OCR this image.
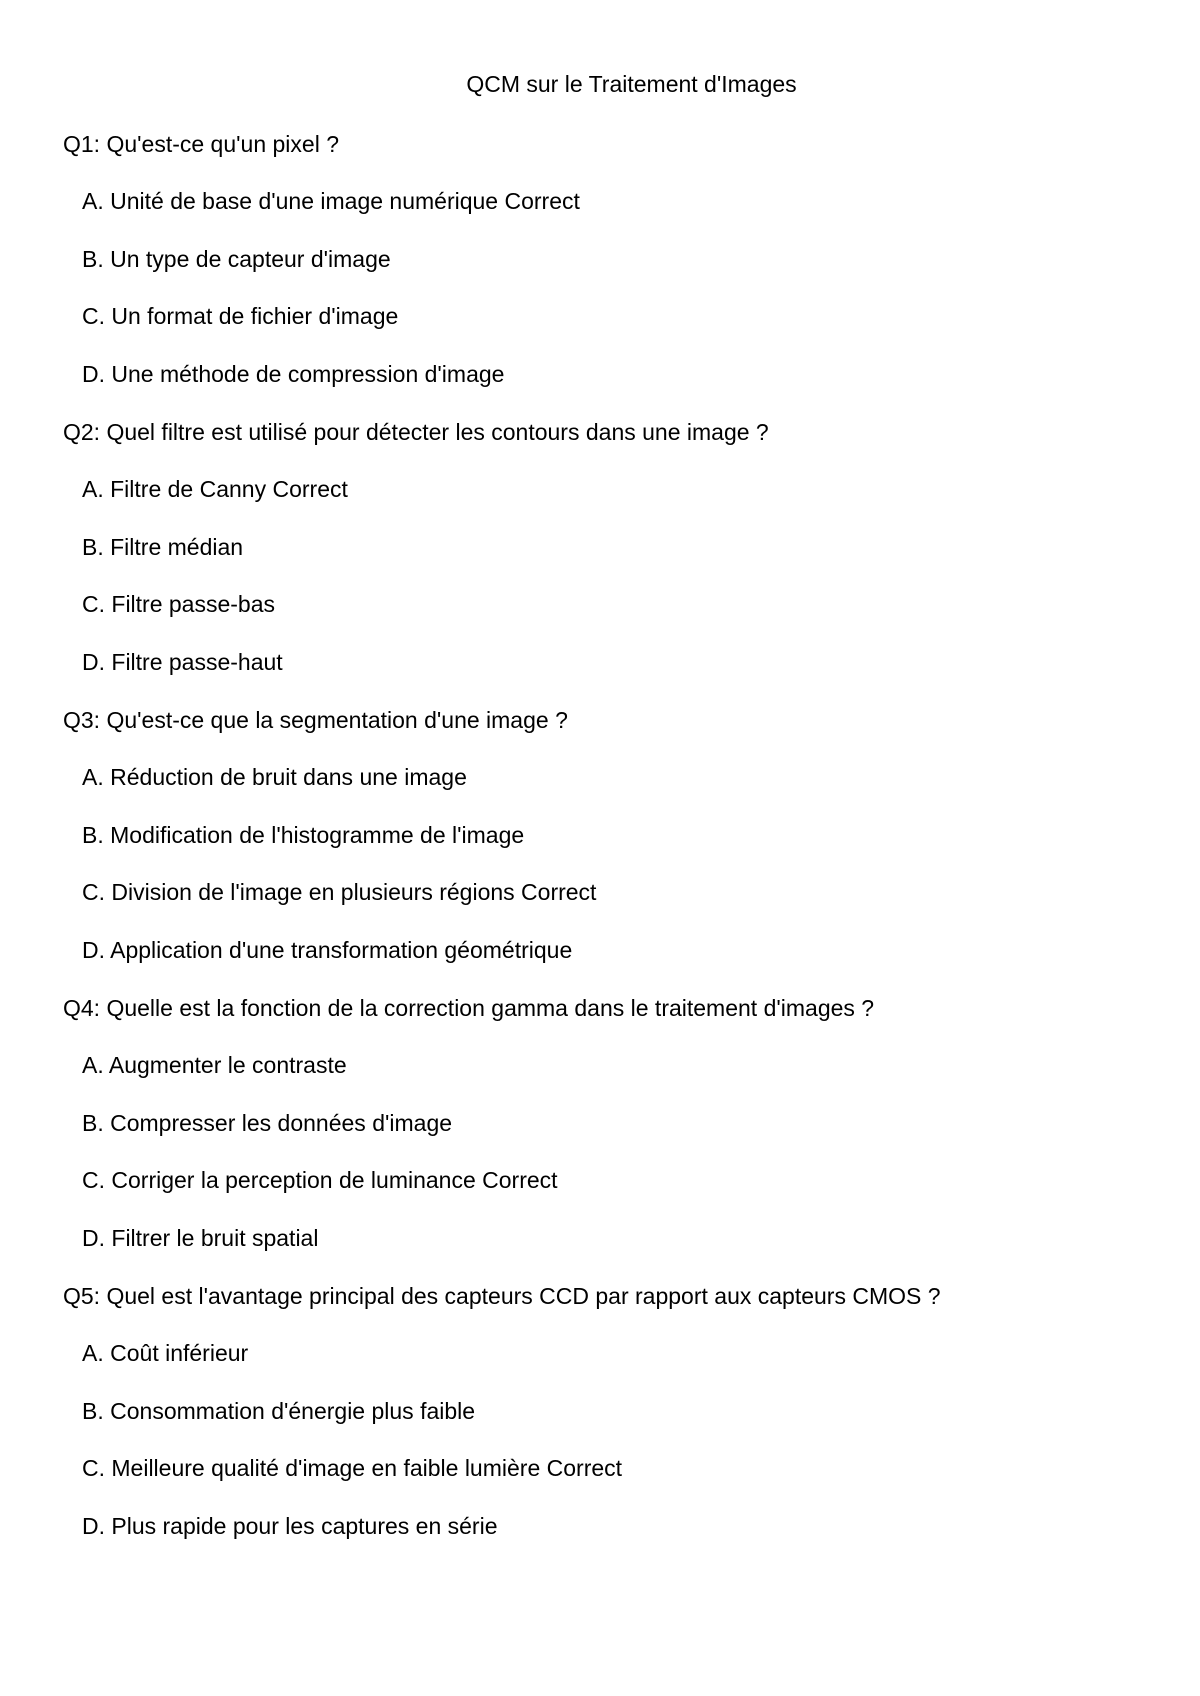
QCM sur le Traitement d'Images
Q1: Qu'est-ce qu'un pixel ?
A. Unité de base d'une image numérique Correct
B. Un type de capteur d'image
C. Un format de fichier d'image
D. Une méthode de compression d'image
Q2: Quel filtre est utilisé pour détecter les contours dans une image ?
A. Filtre de Canny Correct
B. Filtre médian
C. Filtre passe-bas
D. Filtre passe-haut
Q3: Qu'est-ce que la segmentation d'une image ?
A. Réduction de bruit dans une image
B. Modification de l'histogramme de l'image
C. Division de l'image en plusieurs régions Correct
D. Application d'une transformation géométrique
Q4: Quelle est la fonction de la correction gamma dans le traitement d'images ?
A. Augmenter le contraste
B. Compresser les données d'image
C. Corriger la perception de luminance Correct
D. Filtrer le bruit spatial
Q5: Quel est l'avantage principal des capteurs CCD par rapport aux capteurs CMOS ?
A. Coût inférieur
B. Consommation d'énergie plus faible
C. Meilleure qualité d'image en faible lumière Correct
D. Plus rapide pour les captures en série
